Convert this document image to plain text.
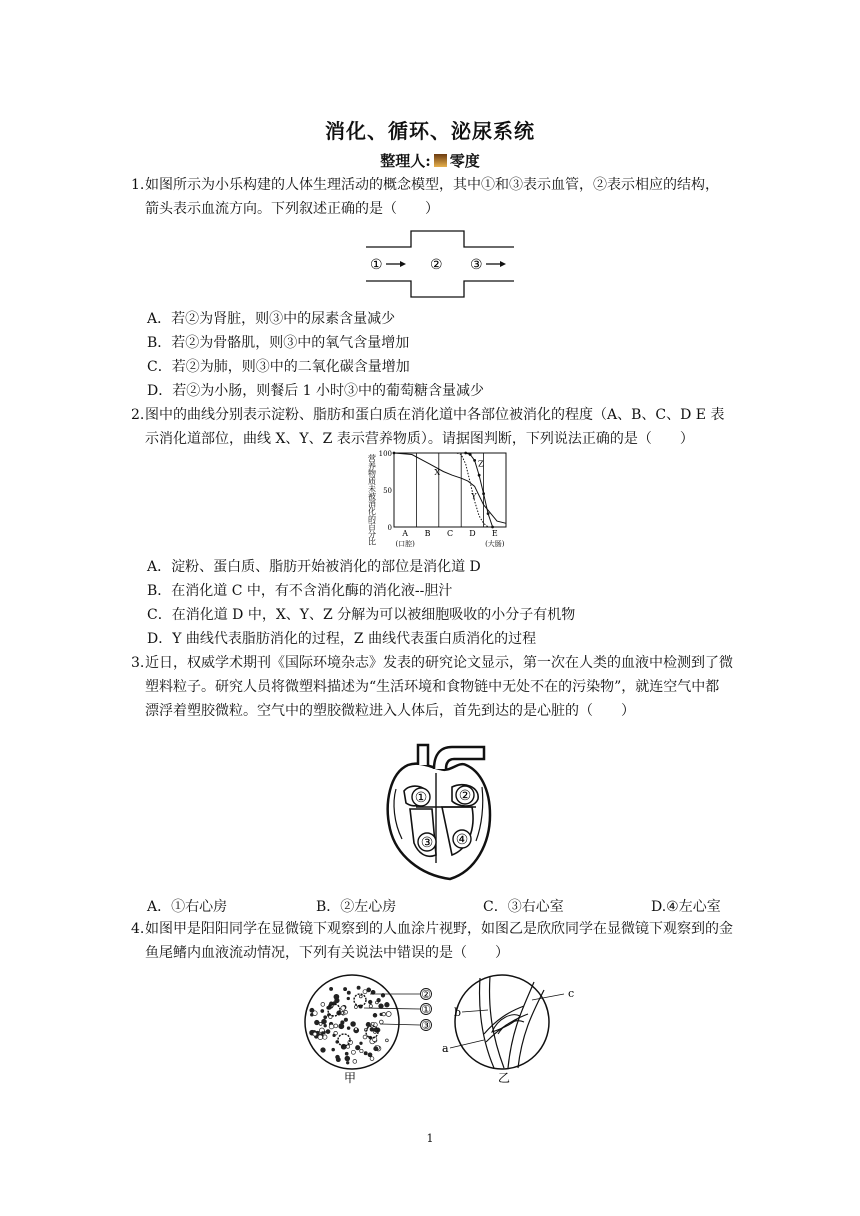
消化、循环、泌尿系统
整理人: 零度
1. 如图所示为小乐构建的人体生理活动的概念模型，其中①和③表示血管，②表示相应的结构，箭头表示血流方向。下列叙述正确的是（　　）
①	② ③
A．若②为肾脏，则③中的尿素含量减少
B．若②为骨骼肌，则③中的氧气含量增加
C．若②为肺，则③中的二氧化碳含量增加
D．若②为小肠，则餐后 1 小时③中的葡萄糖含量减少
2. 图中的曲线分别表示淀粉、脂肪和蛋白质在消化道中各部位被消化的程度（A、B、C、D E 表示消化道部位，曲线 X、Y、Z 表示营养物质）。请据图判断，下列说法正确的是（　　）
营养物质未被消化的百分比
100
50
0
A
(口腔)
B C D E
(大肠)
X
Y
Z
A．淀粉、蛋白质、脂肪开始被消化的部位是消化道 D
B．在消化道 C 中，有不含消化酶的消化液--胆汁
C．在消化道 D 中，X、Y、Z 分解为可以被细胞吸收的小分子有机物
D．Y 曲线代表脂肪消化的过程，Z 曲线代表蛋白质消化的过程
3. 近日，权威学术期刊《国际环境杂志》发表的研究论文显示，第一次在人类的血液中检测到了微塑料粒子。研究人员将微塑料描述为“生活环境和食物链中无处不在的污染物”，就连空气中都漂浮着塑胶微粒。空气中的塑胶微粒进入人体后，首先到达的是心脏的（　　）
① ②
③ ④
A．①右心房	B．②左心房	C．③右心室	D.④左心室
4. 如图甲是阳阳同学在显微镜下观察到的人血涂片视野，如图乙是欣欣同学在显微镜下观察到的金鱼尾鳍内血液流动情况，下列有关说法中错误的是（　　）
②
①
③
甲
c
b
a
乙
1
